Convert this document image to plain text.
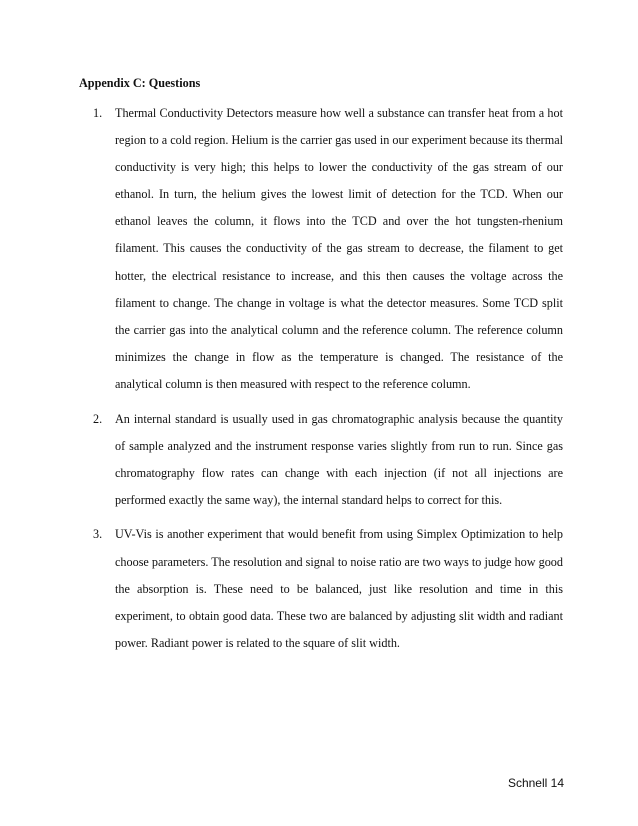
Appendix C: Questions
1. Thermal Conductivity Detectors measure how well a substance can transfer heat from a hot region to a cold region. Helium is the carrier gas used in our experiment because its thermal conductivity is very high; this helps to lower the conductivity of the gas stream of our ethanol. In turn, the helium gives the lowest limit of detection for the TCD. When our ethanol leaves the column, it flows into the TCD and over the hot tungsten-rhenium filament. This causes the conductivity of the gas stream to decrease, the filament to get hotter, the electrical resistance to increase, and this then causes the voltage across the filament to change. The change in voltage is what the detector measures. Some TCD split the carrier gas into the analytical column and the reference column. The reference column minimizes the change in flow as the temperature is changed. The resistance of the analytical column is then measured with respect to the reference column.
2. An internal standard is usually used in gas chromatographic analysis because the quantity of sample analyzed and the instrument response varies slightly from run to run. Since gas chromatography flow rates can change with each injection (if not all injections are performed exactly the same way), the internal standard helps to correct for this.
3. UV-Vis is another experiment that would benefit from using Simplex Optimization to help choose parameters. The resolution and signal to noise ratio are two ways to judge how good the absorption is. These need to be balanced, just like resolution and time in this experiment, to obtain good data. These two are balanced by adjusting slit width and radiant power. Radiant power is related to the square of slit width.
Schnell 14
